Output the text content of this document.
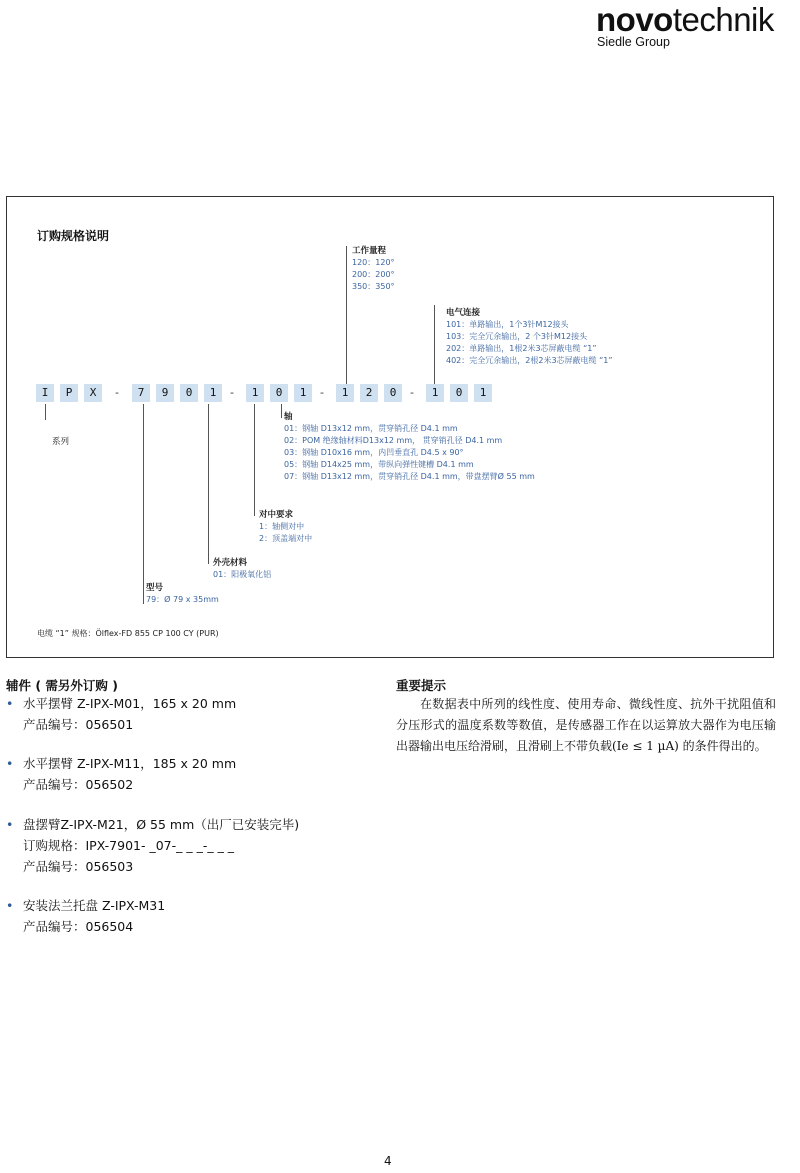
novotechnik
Siedle Group
订购规格说明
I	P	X	-	7	9	0	1	-	1	0	1	-	1	2	0	-	1	0	1
系列
工作量程
120：120°
200：200°
350：350°
电气连接
101：单路输出，1个3针M12接头
103：完全冗余输出，2 个3针M12接头
202：单路输出，1根2米3芯屏蔽电缆 “1”
402：完全冗余输出，2根2米3芯屏蔽电缆 “1”
轴
01：钢轴 D13x12 mm，贯穿销孔径 D4.1 mm
02：POM 绝缘轴材料D13x12 mm， 贯穿销孔径 D4.1 mm
03：钢轴 D10x16 mm，内凹垂直孔 D4.5 x 90°
05：钢轴 D14x25 mm，带纵向弹性键槽 D4.1 mm
07：钢轴 D13x12 mm，贯穿销孔径 D4.1 mm，带盘摆臂Ø 55 mm
对中要求
1：轴侧对中
2：顶盖端对中
外壳材料
01：阳极氧化铝
型号
79：Ø 79 x 35mm
电缆 “1” 规格：Ölflex-FD 855 CP 100 CY (PUR)
辅件 ( 需另外订购 )
• 水平摆臂 Z-IPX-M01，165 x 20 mm
产品编号：056501
• 水平摆臂 Z-IPX-M11，185 x 20 mm
产品编号：056502
• 盘摆臂Z-IPX-M21，Ø 55 mm（出厂已安装完毕)
订购规格：IPX-7901- _07-_ _ _-_ _ _
产品编号：056503
• 安装法兰托盘 Z-IPX-M31
产品编号：056504
重要提示

在数据表中所列的线性度、使用寿命、微线性度、抗外干扰阻值和分压形式的温度系数等数值，是传感器工作在以运算放大器作为电压输出器输出电压给滑刷，且滑刷上不带负载(Ie ≤ 1 µA) 的条件得出的。

4
